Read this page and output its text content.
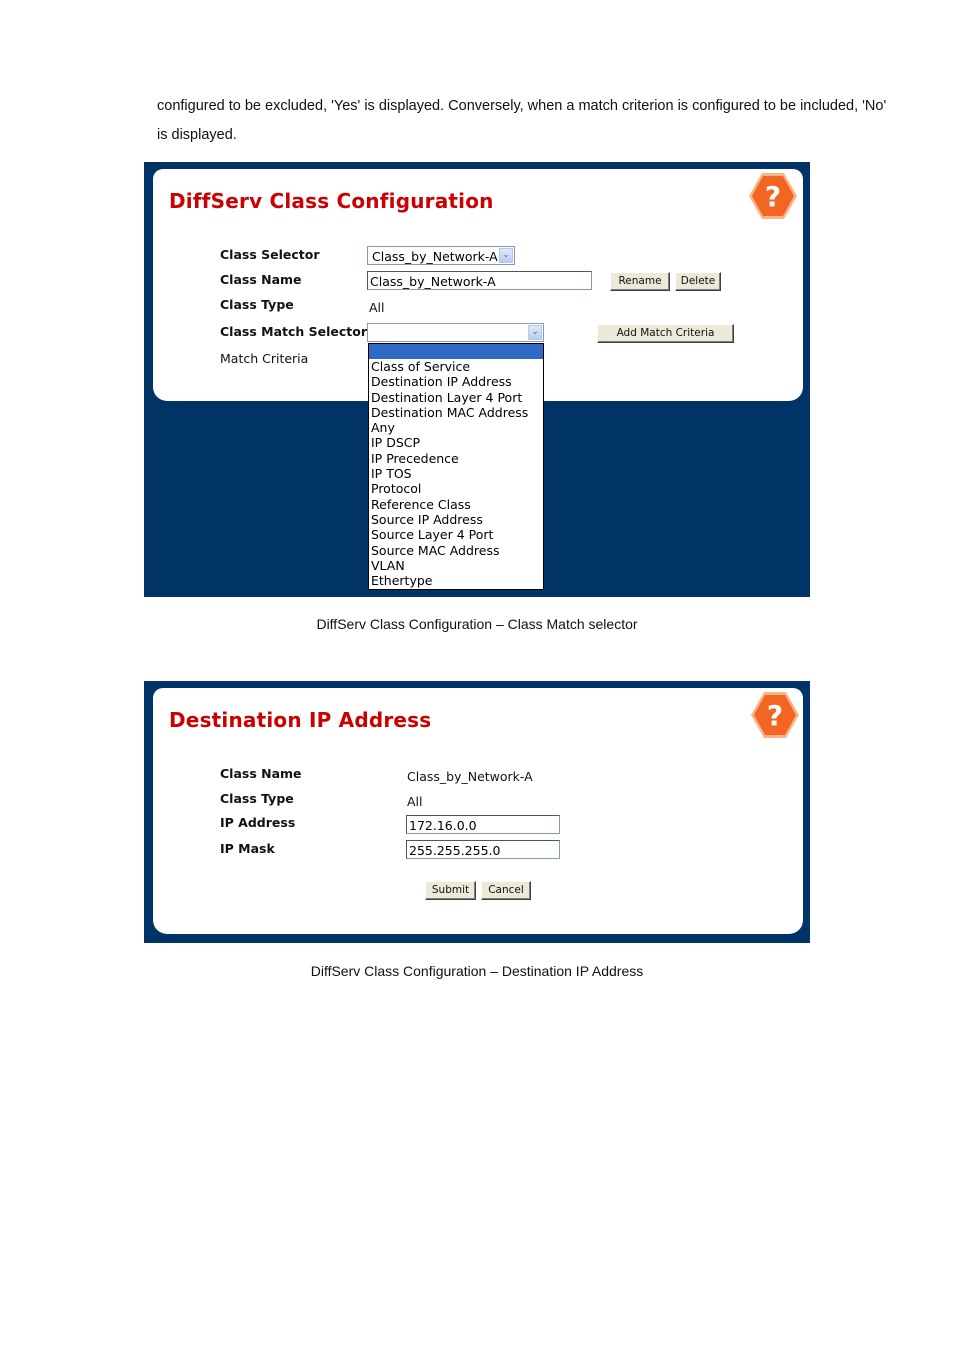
configured to be excluded, 'Yes' is displayed. Conversely, when a match criterion is configured to be included, 'No'
is displayed.
DiffServ Class Configuration	?
Class Selector	Class_by_Network-A ⌄
Class Name	Class_by_Network-A	Rename	Delete
Class Type	All
Class Match Selector	⌄	Add Match Criteria
Match Criteria
Class of Service
Destination IP Address
Destination Layer 4 Port
Destination MAC Address
Any
IP DSCP
IP Precedence
IP TOS
Protocol
Reference Class
Source IP Address
Source Layer 4 Port
Source MAC Address
VLAN
Ethertype
DiffServ Class Configuration – Class Match selector
Destination IP Address	?
Class Name	Class_by_Network-A
Class Type	All
IP Address	172.16.0.0
IP Mask	255.255.255.0
Submit	Cancel
DiffServ Class Configuration – Destination IP Address
